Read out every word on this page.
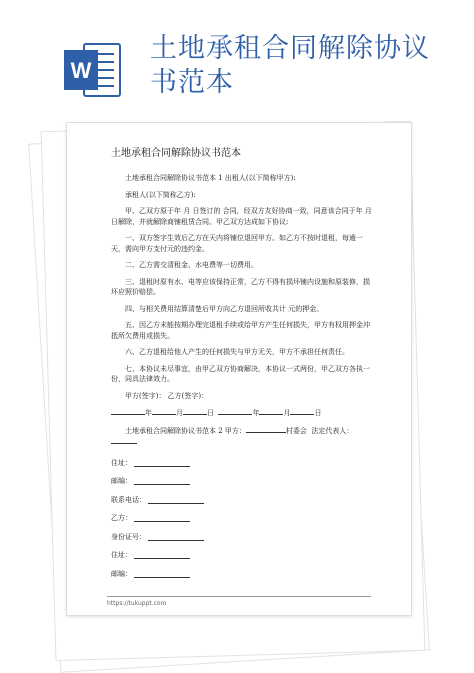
W
土地承租合同解除协议书范本
土地承租合同解除协议书范本

土地承租合同解除协议书范本 1 出租人(以下简称甲方):

承租人(以下简称乙方):

甲、乙双方原于年 月 日签订的 合同，经双方友好协商一致，同意该合同于年 月 日解除，并就解除商铺租赁合同。甲乙双方达成如下协议:

一、双方签字生效后乙方在天内将铺位退回甲方。如乙方不按时退租，每逾一天，需向甲方支付元的违约金。

二、乙方需交清租金、水电费等一切费用。

三、退租时原有水、电等应该保持正常，乙方不得有损坏铺内设施和原装修，损坏应照价赔偿。

四、与相关费用结算清楚后甲方向乙方退回所收共计 元的押金。

五、因乙方未能按期办理完退租手续或给甲方产生任何损失，甲方有权用押金冲抵所欠费用或损失。

六、乙方退租给他人产生的任何损失与甲方无关，甲方不承担任何责任。

七、本协议未尽事宜，由甲乙双方协商解决，本协议一式两份，甲乙双方各执一份，同具法律效力。

甲方(签字)： 乙方(签字)：

年	月	日	年	月	日

土地承租合同解除协议书范本 2 甲方：	村委会 法定代表人：

住址：
邮编：
联系电话：
乙方：
身份证号：
住址：
邮编：
https://tukuppt.com
